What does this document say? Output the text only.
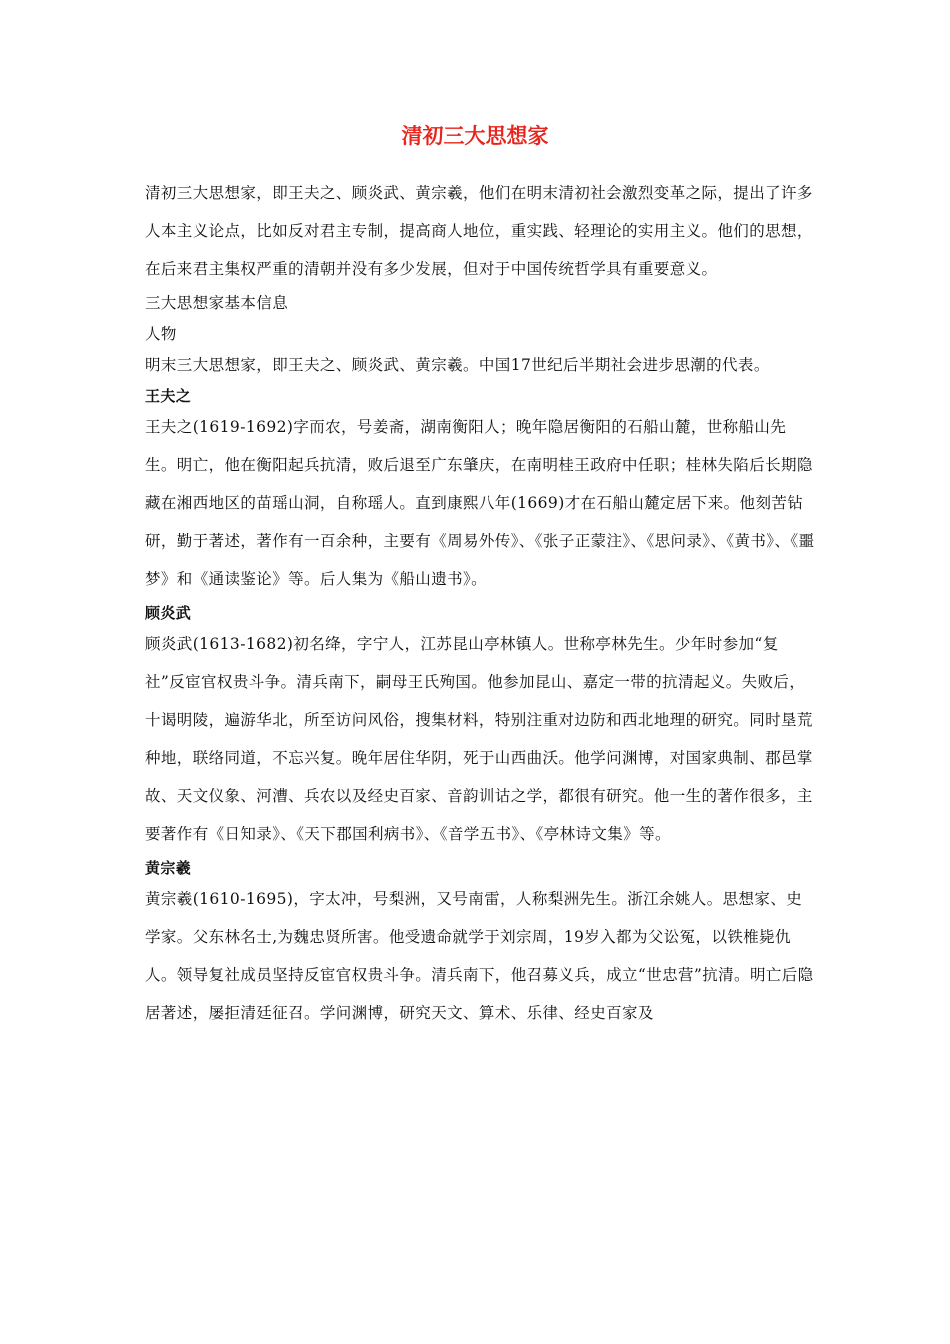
清初三大思想家

清初三大思想家，即王夫之、顾炎武、黄宗羲，他们在明末清初社会激烈变革之际，提出了许多人本主义论点，比如反对君主专制，提高商人地位，重实践、轻理论的实用主义。他们的思想，在后来君主集权严重的清朝并没有多少发展，但对于中国传统哲学具有重要意义。

三大思想家基本信息

人物

明末三大思想家，即王夫之、顾炎武、黄宗羲。中国17世纪后半期社会进步思潮的代表。

王夫之

王夫之(1619-1692)字而农，号姜斋，湖南衡阳人；晚年隐居衡阳的石船山麓，世称船山先生。明亡，他在衡阳起兵抗清，败后退至广东肇庆，在南明桂王政府中任职；桂林失陷后长期隐藏在湘西地区的苗瑶山洞，自称瑶人。直到康熙八年(1669)才在石船山麓定居下来。他刻苦钻研，勤于著述，著作有一百余种，主要有《周易外传》、《张子正蒙注》、《思问录》、《黄书》、《噩梦》和《通读鉴论》等。后人集为《船山遗书》。

顾炎武

顾炎武(1613-1682)初名绛，字宁人，江苏昆山亭林镇人。世称亭林先生。少年时参加“复社”反宦官权贵斗争。清兵南下，嗣母王氏殉国。他参加昆山、嘉定一带的抗清起义。失败后，十谒明陵，遍游华北，所至访问风俗，搜集材料，特别注重对边防和西北地理的研究。同时垦荒种地，联络同道，不忘兴复。晚年居住华阴，死于山西曲沃。他学问渊博，对国家典制、郡邑掌故、天文仪象、河漕、兵农以及经史百家、音韵训诂之学，都很有研究。他一生的著作很多，主要著作有《日知录》、《天下郡国利病书》、《音学五书》、《亭林诗文集》等。

黄宗羲

黄宗羲(1610-1695)，字太冲，号梨洲，又号南雷，人称梨洲先生。浙江余姚人。思想家、史学家。父东林名士,为魏忠贤所害。他受遗命就学于刘宗周，19岁入都为父讼冤，以铁椎毙仇人。领导复社成员坚持反宦官权贵斗争。清兵南下，他召募义兵，成立“世忠营”抗清。明亡后隐居著述，屡拒清廷征召。学问渊博，研究天文、算术、乐律、经史百家及
